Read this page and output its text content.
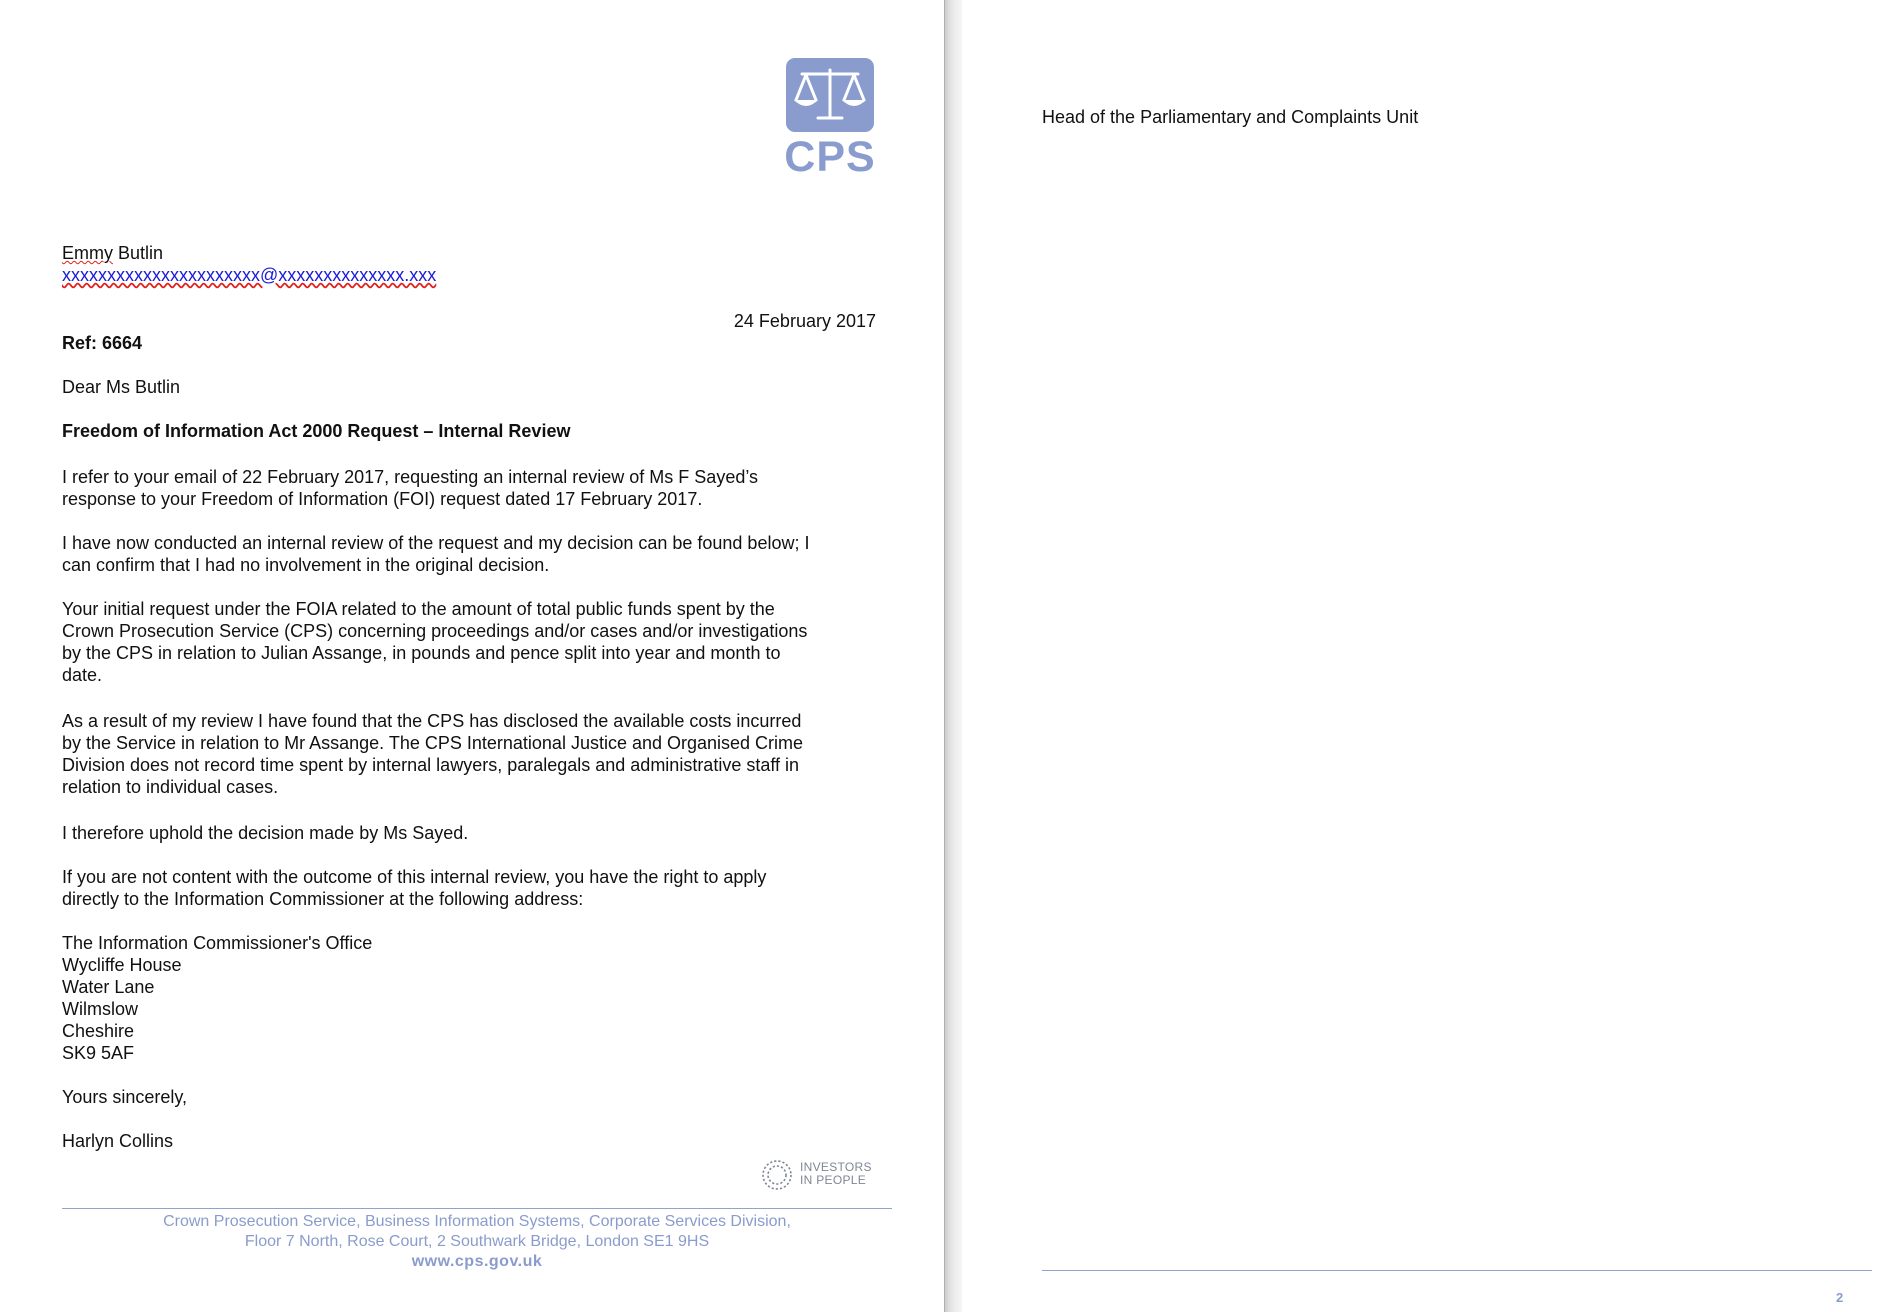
CPS
Emmy Butlin
xxxxxxxxxxxxxxxxxxxxxx@xxxxxxxxxxxxxx.xxx
24 February 2017
Ref: 6664
Dear Ms Butlin
Freedom of Information Act 2000 Request – Internal Review
I refer to your email of 22 February 2017, requesting an internal review of Ms F Sayed’s
response to your Freedom of Information (FOI) request dated 17 February 2017.
I have now conducted an internal review of the request and my decision can be found below; I
can confirm that I had no involvement in the original decision.
Your initial request under the FOIA related to the amount of total public funds spent by the
Crown Prosecution Service (CPS) concerning proceedings and/or cases and/or investigations
by the CPS in relation to Julian Assange, in pounds and pence split into year and month to
date.
As a result of my review I have found that the CPS has disclosed the available costs incurred
by the Service in relation to Mr Assange. The CPS International Justice and Organised Crime
Division does not record time spent by internal lawyers, paralegals and administrative staff in
relation to individual cases.
I therefore uphold the decision made by Ms Sayed.
If you are not content with the outcome of this internal review, you have the right to apply
directly to the Information Commissioner at the following address:
The Information Commissioner's Office
Wycliffe House
Water Lane
Wilmslow
Cheshire
SK9 5AF
Yours sincerely,
Harlyn Collins
INVESTORS
IN PEOPLE
Crown Prosecution Service, Business Information Systems, Corporate Services Division,
Floor 7 North, Rose Court, 2 Southwark Bridge, London SE1 9HS
www.cps.gov.uk
Head of the Parliamentary and Complaints Unit
2
